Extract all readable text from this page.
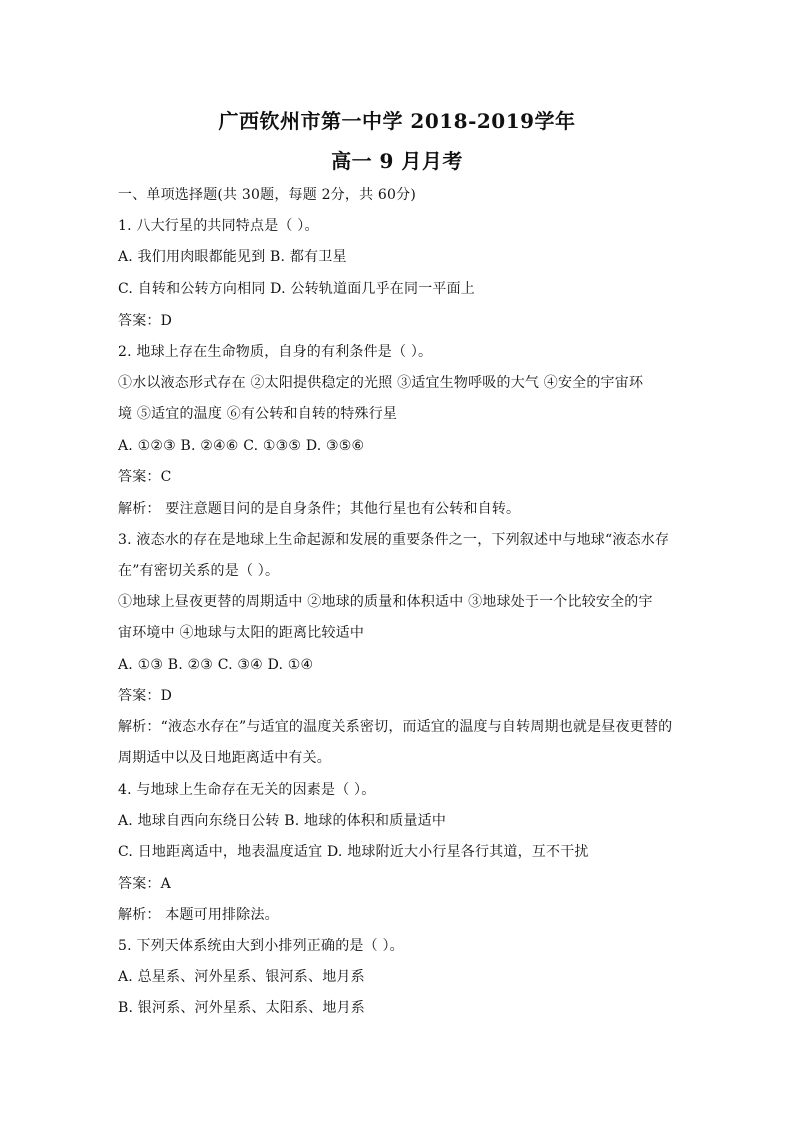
广西钦州市第一中学 2018-2019学年
高一 9 月月考
一、单项选择题(共 30题，每题 2分，共 60分)
1. 八大行星的共同特点是（ ）。
A. 我们用肉眼都能见到 B. 都有卫星
C. 自转和公转方向相同 D. 公转轨道面几乎在同一平面上
答案：D
2. 地球上存在生命物质，自身的有利条件是（ ）。
①水以液态形式存在 ②太阳提供稳定的光照 ③适宜生物呼吸的大气 ④安全的宇宙环
境 ⑤适宜的温度 ⑥有公转和自转的特殊行星
A. ①②③ B. ②④⑥ C. ①③⑤ D. ③⑤⑥
答案：C
解析： 要注意题目问的是自身条件；其他行星也有公转和自转。
3. 液态水的存在是地球上生命起源和发展的重要条件之一，下列叙述中与地球“液态水存
在”有密切关系的是（ ）。
①地球上昼夜更替的周期适中 ②地球的质量和体积适中 ③地球处于一个比较安全的宇
宙环境中 ④地球与太阳的距离比较适中
A. ①③ B. ②③ C. ③④ D. ①④
答案：D
解析：“液态水存在”与适宜的温度关系密切，而适宜的温度与自转周期也就是昼夜更替的
周期适中以及日地距离适中有关。
4. 与地球上生命存在无关的因素是（ ）。
A. 地球自西向东绕日公转 B. 地球的体积和质量适中
C. 日地距离适中，地表温度适宜 D. 地球附近大小行星各行其道，互不干扰
答案：A
解析： 本题可用排除法。
5. 下列天体系统由大到小排列正确的是（ ）。
A. 总星系、河外星系、银河系、地月系
B. 银河系、河外星系、太阳系、地月系
